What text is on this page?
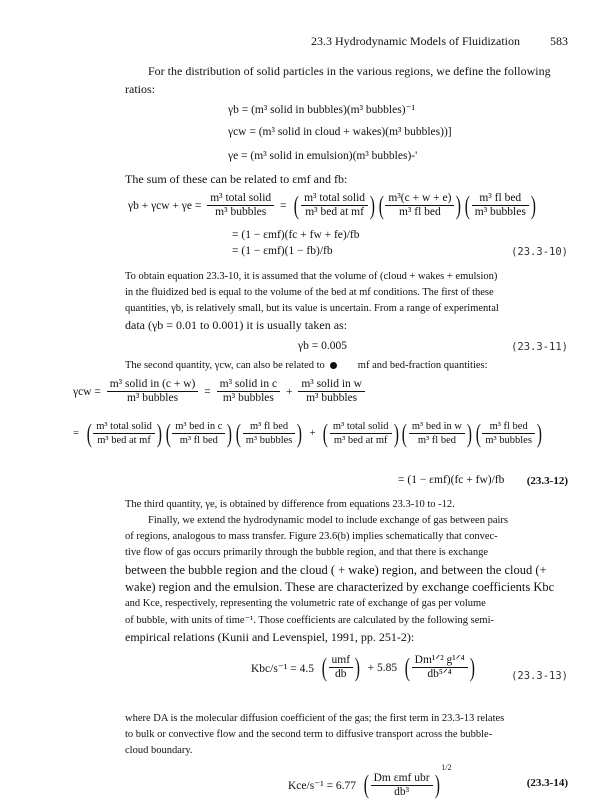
23.3 Hydrodynamic Models of Fluidization	583
For the distribution of solid particles in the various regions, we define the following
ratios:
γb = (m³ solid in bubbles)(m³ bubbles)⁻¹
γcw = (m³ solid in cloud + wakes)(m³ bubbles))]
γe = (m³ solid in emulsion)(m³ bubbles)-'
The sum of these can be related to εmf and fb:
$\gamma b + \gamma cw + \gamma e = \frac{\text{m³ total solid}}{\text{m³ bubbles}}$ = ( $\frac{\text{m³ total solid}}{\text{m³ bed at mf}}$ ) ( $\frac{\text{m³(c + w + e)}}{\text{m³ fl bed}}$ ) ( $\frac{\text{m³ fl bed}}{\text{m³ bubbles}}$ )
= (1 − εmf)(fc + fw + fe)/fb
= (1 − εmf)(1 − fb)/fb	(23.3-10)
To obtain equation 23.3-10, it is assumed that the volume of (cloud + wakes + emulsion)
in the fluidized bed is equal to the volume of the bed at mf conditions. The first of these
quantities, γb, is relatively small, but its value is uncertain. From a range of experimental
data (γb = 0.01 to 0.001) it is usually taken as:
γb = 0.005	(23.3-11)
The second quantity, γcw, can also be related to	mf and bed-fraction quantities:
$\gamma cw = \frac{\text{m³ solid in (c + w)}}{\text{m³ bubbles}} = \frac{\text{m³ solid in c}}{\text{m³ bubbles}} + \frac{\text{m³ solid in w}}{\text{m³ bubbles}}$
= ( $\frac{\text{m³ total solid}}{\text{m³ bed at mf}}$ ) ( $\frac{\text{m³ bed in c}}{\text{m³ fl bed}}$ ) ( $\frac{\text{m³ fl bed}}{\text{m³ bubbles}}$ ) + ( $\frac{\text{m³ total solid}}{\text{m³ bed at mf}}$ ) ( $\frac{\text{m³ bed in w}}{\text{m³ fl bed}}$ ) ( $\frac{\text{m³ fl bed}}{\text{m³ bubbles}}$ )
= (1 − εmf)(fc + fw)/fb (23.3-12)
The third quantity, γe, is obtained by difference from equations 23.3-10 to -12.
Finally, we extend the hydrodynamic model to include exchange of gas between pairs
of regions, analogous to mass transfer. Figure 23.6(b) implies schematically that convec-
tive flow of gas occurs primarily through the bubble region, and that there is exchange
between the bubble region and the cloud ( + wake) region, and between the cloud (+
wake) region and the emulsion. These are characterized by exchange coefficients Kbc
and Kce, respectively, representing the volumetric rate of exchange of gas per volume
of bubble, with units of time⁻¹. Those coefficients are calculated by the following semi-
empirical relations (Kunii and Levenspiel, 1991, pp. 251-2):
Kbc/s⁻¹ = 4.5 ( $\frac{\text{umf}}{db}$ ) + 5.85 ( $\frac{\text{Dm¹ᐟ² g¹ᐟ⁴}}{\text{db⁵ᐟ⁴}}$ )	(23.3-13)
where DA is the molecular diffusion coefficient of the gas; the first term in 23.3-13 relates
to bulk or convective flow and the second term to diffusive transport across the bubble-
cloud boundary.
Kce/s⁻¹ = 6.77 ( $\frac{\text{Dm εmf ubr}}{\text{db³}} )^{1/2}$
(23.3-14)
